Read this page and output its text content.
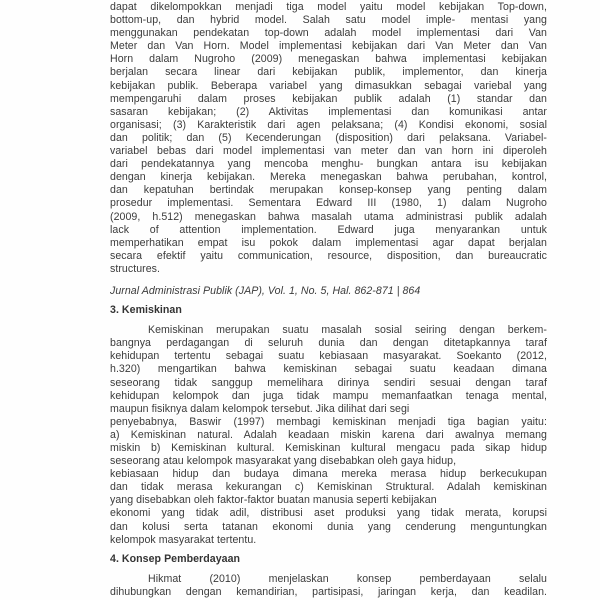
dapat dikelompokkan menjadi tiga model yaitu model kebijakan Top-down,
bottom-up, dan hybrid model. Salah satu model imple- mentasi yang
menggunakan pendekatan top-down adalah model implementasi dari Van
Meter dan Van Horn. Model implementasi kebijakan dari Van Meter dan Van
Horn dalam Nugroho (2009) menegaskan bahwa implementasi kebijakan
berjalan secara linear dari kebijakan publik, implementor, dan kinerja
kebijakan publik. Beberapa variabel yang dimasukkan sebagai variebal yang
mempengaruhi dalam proses kebijakan publik adalah (1) standar dan
sasaran kebijakan; (2) Aktivitas implementasi dan komunikasi antar
organisasi; (3) Karakteristik dari agen pelaksana; (4) Kondisi ekonomi, sosial
dan politik; dan (5) Kecenderungan (disposition) dari pelaksana. Variabel-
variabel bebas dari model implementasi van meter dan van horn ini diperoleh
dari pendekatannya yang mencoba menghu- bungkan antara isu kebijakan
dengan kinerja kebijakan. Mereka menegaskan bahwa perubahan, kontrol,
dan kepatuhan bertindak merupakan konsep-konsep yang penting dalam
prosedur implementasi. Sementara Edward III (1980, 1) dalam Nugroho
(2009, h.512) menegaskan bahwa masalah utama administrasi publik adalah
lack of attention implementation. Edward juga menyarankan untuk
memperhatikan empat isu pokok dalam implementasi agar dapat berjalan
secara efektif yaitu communication, resource, disposition, dan bureaucratic
structures.
Jurnal Administrasi Publik (JAP), Vol. 1, No. 5, Hal. 862-871 | 864
3. Kemiskinan
Kemiskinan merupakan suatu masalah sosial seiring dengan berkem-
bangnya perdagangan di seluruh dunia dan dengan ditetapkannya taraf
kehidupan tertentu sebagai suatu kebiasaan masyarakat. Soekanto (2012,
h.320) mengartikan bahwa kemiskinan sebagai suatu keadaan dimana
seseorang tidak sanggup memelihara dirinya sendiri sesuai dengan taraf
kehidupan kelompok dan juga tidak mampu memanfaatkan tenaga mental,
maupun fisiknya dalam kelompok tersebut. Jika dilihat dari segi
penyebabnya, Baswir (1997) membagi kemiskinan menjadi tiga bagian yaitu:
a) Kemiskinan natural. Adalah keadaan miskin karena dari awalnya memang
miskin b) Kemiskinan kultural. Kemiskinan kultural mengacu pada sikap hidup
seseorang atau kelompok masyarakat yang disebabkan oleh gaya hidup,
kebiasaan hidup dan budaya dimana mereka merasa hidup berkecukupan
dan tidak merasa kekurangan c) Kemiskinan Struktural. Adalah kemiskinan
yang disebabkan oleh faktor-faktor buatan manusia seperti kebijakan
ekonomi yang tidak adil, distribusi aset produksi yang tidak merata, korupsi
dan kolusi serta tatanan ekonomi dunia yang cenderung menguntungkan
kelompok masyarakat tertentu.
4. Konsep Pemberdayaan
Hikmat (2010) menjelaskan konsep pemberdayaan selalu
dihubungkan dengan kemandirian, partisipasi, jaringan kerja, dan keadilan.
